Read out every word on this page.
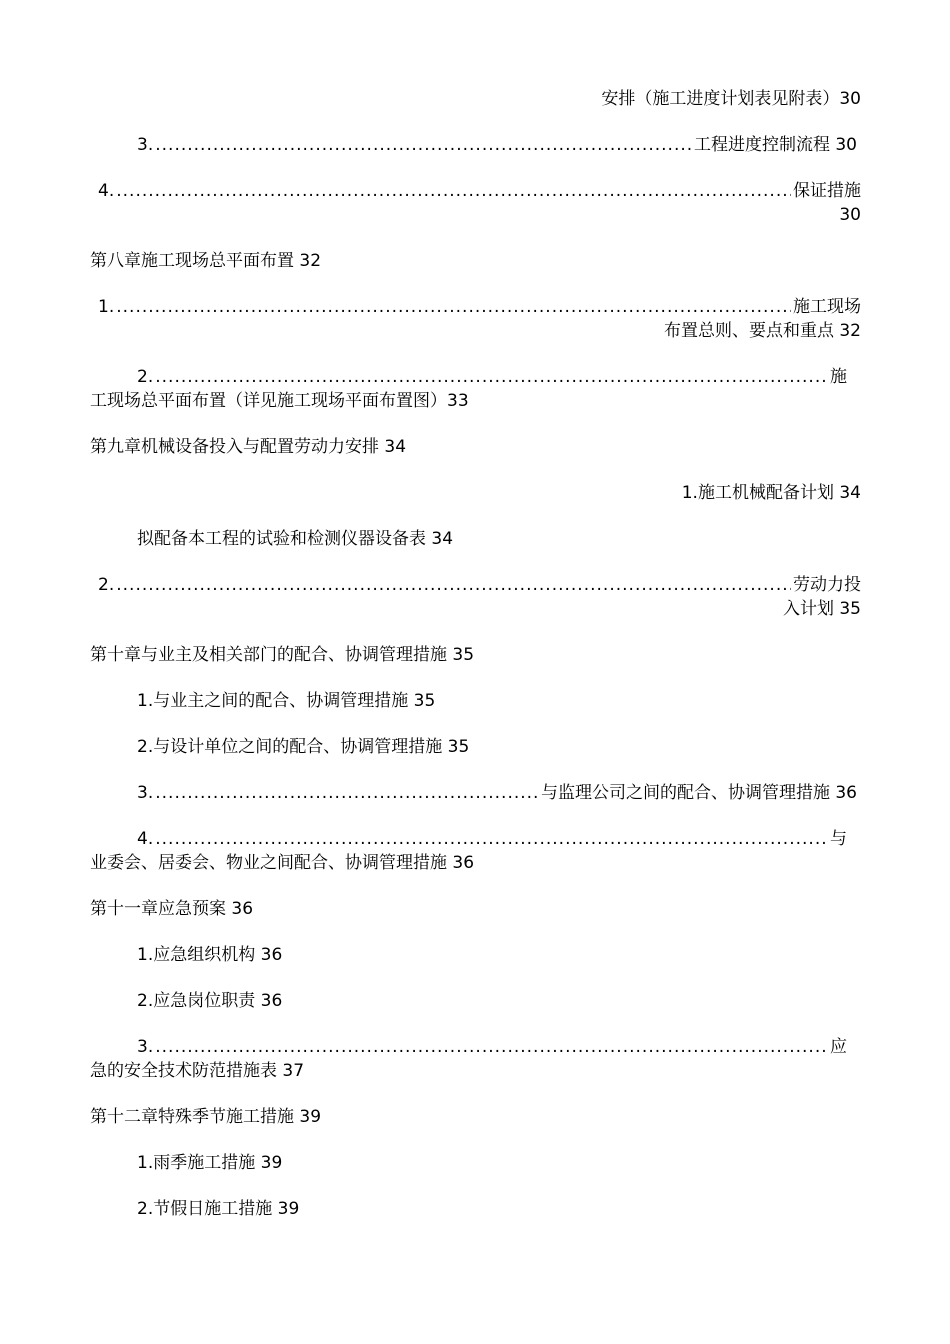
安排（施工进度计划表见附表）30
3. .....	工程进度控制流程 30
4. .....	保证措施
30
第八章施工现场总平面布置 32
1. .....	施工现场
布置总则、要点和重点 32
2. .....	施
工现场总平面布置（详见施工现场平面布置图）33
第九章机械设备投入与配置劳动力安排 34
1.施工机械配备计划 34
拟配备本工程的试验和检测仪器设备表 34
2. .....	劳动力投
入计划 35
第十章与业主及相关部门的配合、协调管理措施 35
1.与业主之间的配合、协调管理措施 35
2.与设计单位之间的配合、协调管理措施 35
3. .....	与监理公司之间的配合、协调管理措施 36
4. .....	与
业委会、居委会、物业之间配合、协调管理措施 36
第十一章应急预案 36
1.应急组织机构 36
2.应急岗位职责 36
3. .....	应
急的安全技术防范措施表 37
第十二章特殊季节施工措施 39
1.雨季施工措施 39
2.节假日施工措施 39
